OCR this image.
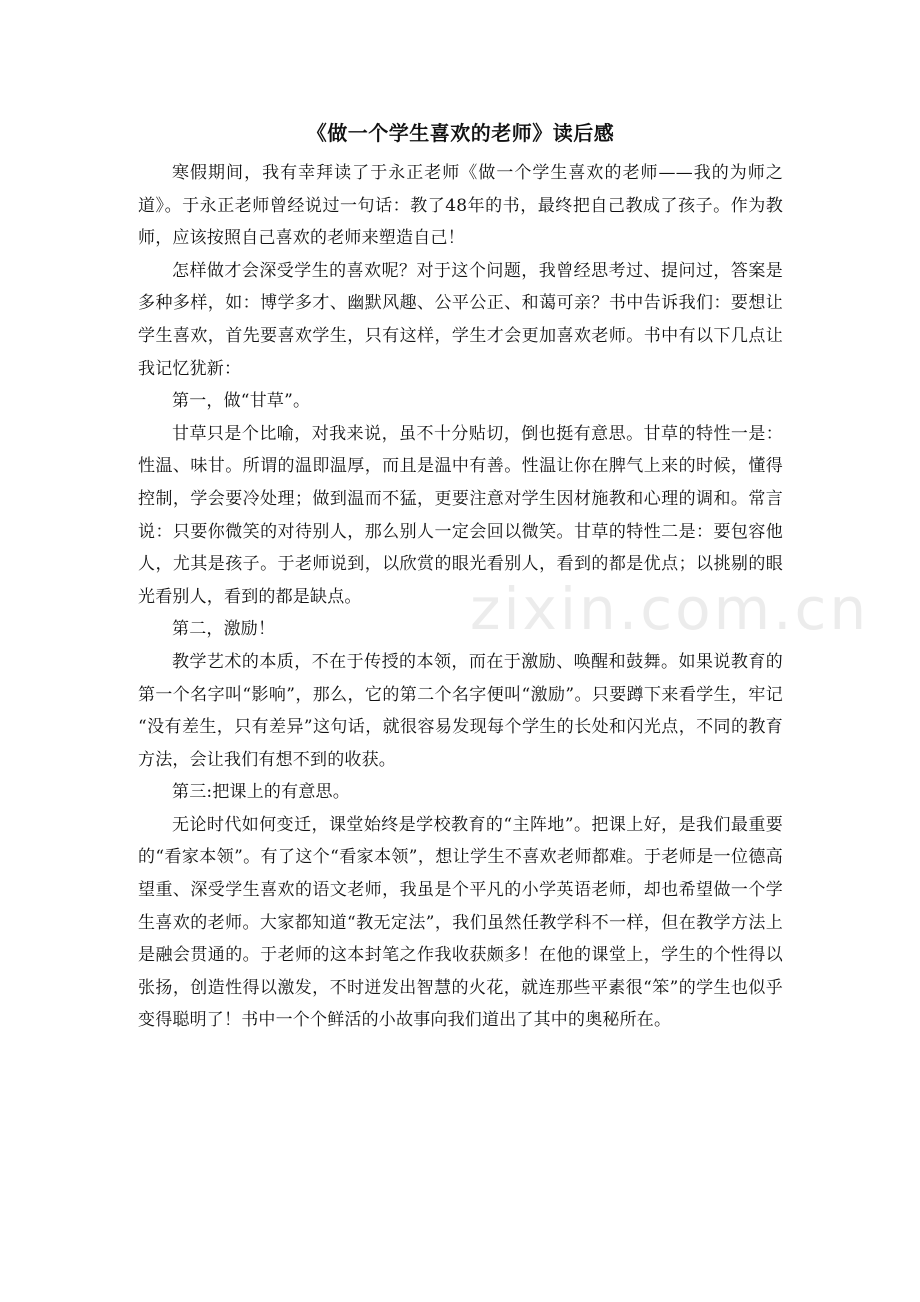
《做一个学生喜欢的老师》读后感

寒假期间，我有幸拜读了于永正老师《做一个学生喜欢的老师——我的为师之道》。于永正老师曾经说过一句话：教了48年的书，最终把自己教成了孩子。作为教师，应该按照自己喜欢的老师来塑造自己！

怎样做才会深受学生的喜欢呢？对于这个问题，我曾经思考过、提问过，答案是多种多样，如：博学多才、幽默风趣、公平公正、和蔼可亲？书中告诉我们：要想让学生喜欢，首先要喜欢学生，只有这样，学生才会更加喜欢老师。书中有以下几点让我记忆犹新：

第一，做“甘草”。

甘草只是个比喻，对我来说，虽不十分贴切，倒也挺有意思。甘草的特性一是：性温、味甘。所谓的温即温厚，而且是温中有善。性温让你在脾气上来的时候，懂得控制，学会要冷处理；做到温而不猛，更要注意对学生因材施教和心理的调和。常言说：只要你微笑的对待别人，那么别人一定会回以微笑。甘草的特性二是：要包容他人，尤其是孩子。于老师说到，以欣赏的眼光看别人，看到的都是优点；以挑剔的眼光看别人，看到的都是缺点。

第二，激励！

教学艺术的本质，不在于传授的本领，而在于激励、唤醒和鼓舞。如果说教育的第一个名字叫“影响”，那么，它的第二个名字便叫“激励”。只要蹲下来看学生，牢记 “没有差生，只有差异”这句话，就很容易发现每个学生的长处和闪光点，不同的教育方法，会让我们有想不到的收获。

第三:把课上的有意思。

无论时代如何变迁，课堂始终是学校教育的“主阵地”。把课上好，是我们最重要的“看家本领”。有了这个“看家本领”，想让学生不喜欢老师都难。于老师是一位德高望重、深受学生喜欢的语文老师，我虽是个平凡的小学英语老师，却也希望做一个学生喜欢的老师。大家都知道“教无定法”，我们虽然任教学科不一样，但在教学方法上是融会贯通的。于老师的这本封笔之作我收获颇多！在他的课堂上，学生的个性得以张扬，创造性得以激发，不时迸发出智慧的火花，就连那些平素很“笨”的学生也似乎变得聪明了！书中一个个鲜活的小故事向我们道出了其中的奥秘所在。

zixin.com.cn
